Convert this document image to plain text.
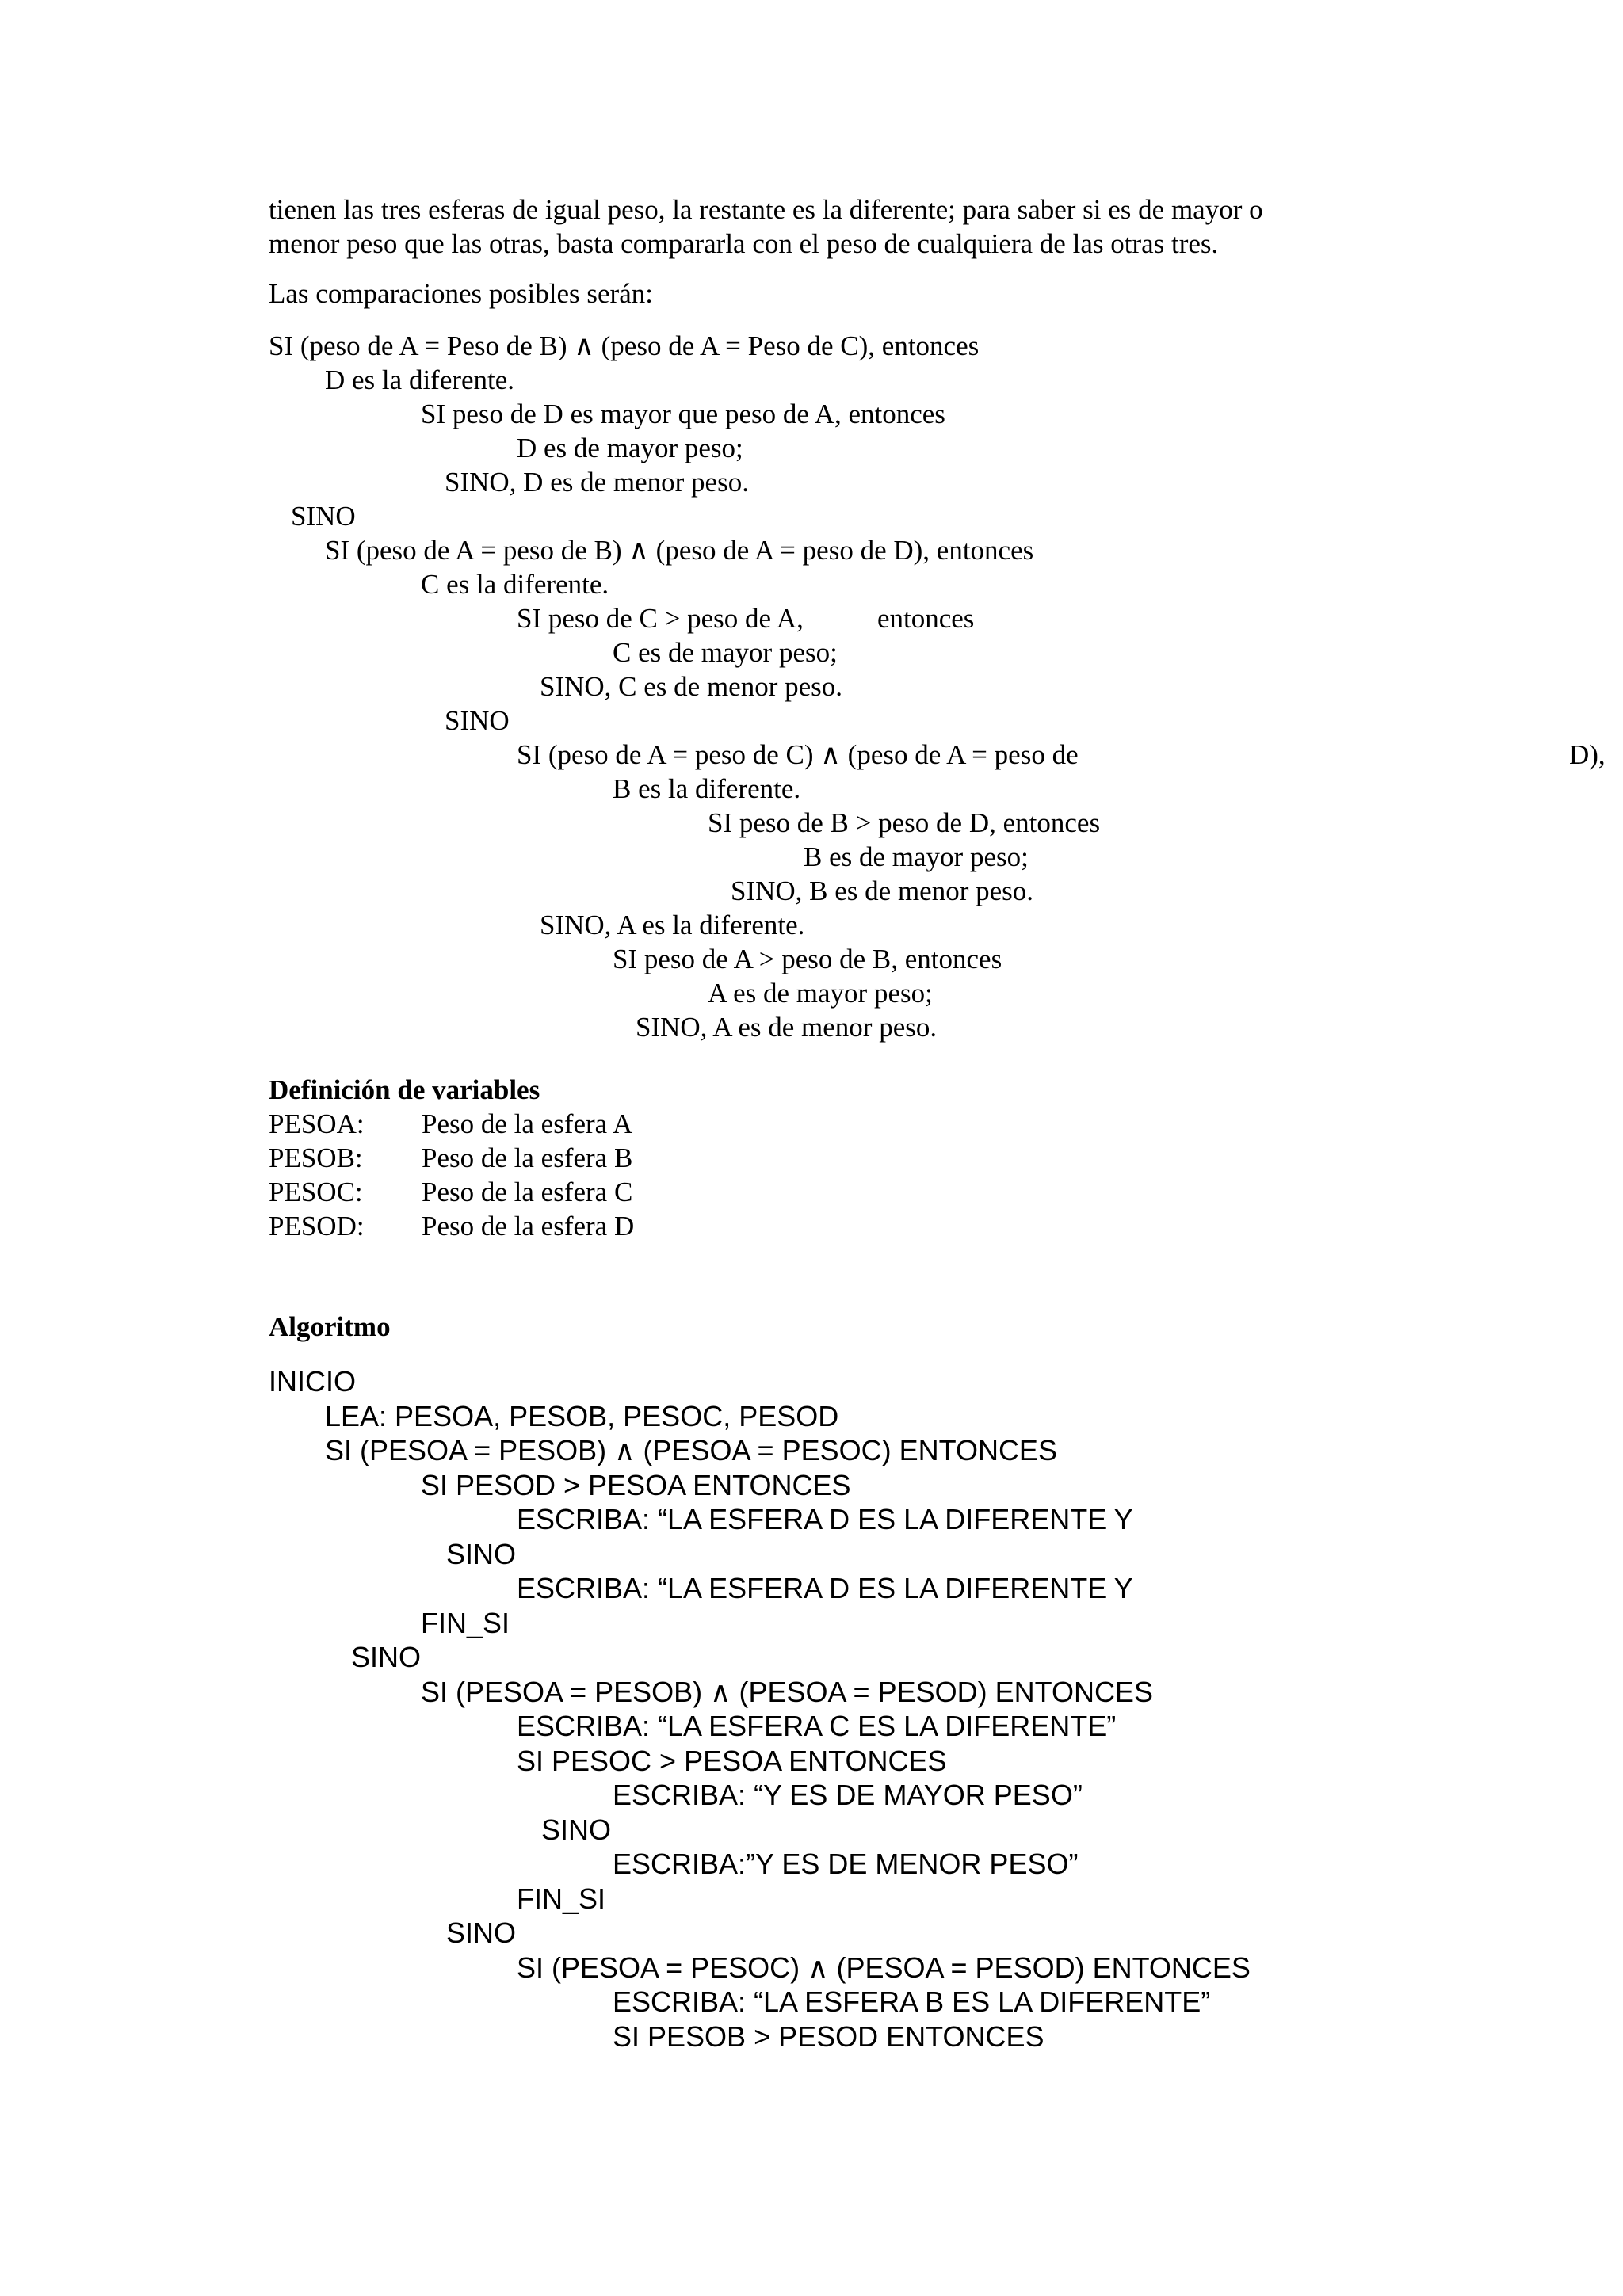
tienen las tres esferas de igual peso, la restante es la diferente; para saber si es de mayor o

menor peso que las otras, basta compararla con el peso de cualquiera de las otras tres.

Las comparaciones posibles serán:

SI (peso de A = Peso de B) ∧ (peso de A = Peso de C), entonces
D es la diferente.
SI peso de D es mayor que peso de A, entonces
D es de mayor peso;
SINO, D es de menor peso.
SINO
SI (peso de A = peso de B) ∧ (peso de A = peso de D), entonces
C es la diferente.
SI peso de C > peso de A,	entonces
C es de mayor peso;
SINO, C es de menor peso.
SINO
SI (peso de A = peso de C) ∧ (peso de A = peso de	D),
B es la diferente.
SI peso de B > peso de D, entonces
B es de mayor peso;
SINO, B es de menor peso.
SINO, A es la diferente.
SI peso de A > peso de B, entonces
A es de mayor peso;
SINO, A es de menor peso.
Definición de variables
PESOA:	Peso de la esfera A
PESOB:	Peso de la esfera B
PESOC:	Peso de la esfera C
PESOD:	Peso de la esfera D
Algoritmo
INICIO
LEA: PESOA, PESOB, PESOC, PESOD
SI (PESOA = PESOB) ∧ (PESOA = PESOC) ENTONCES
SI PESOD > PESOA ENTONCES
ESCRIBA: “LA ESFERA D ES LA DIFERENTE Y
SINO
ESCRIBA: “LA ESFERA D ES LA DIFERENTE Y
FIN_SI
SINO
SI (PESOA = PESOB) ∧ (PESOA = PESOD) ENTONCES
ESCRIBA: “LA ESFERA C ES LA DIFERENTE”
SI PESOC > PESOA ENTONCES
ESCRIBA: “Y ES DE MAYOR PESO”
SINO
ESCRIBA:”Y ES DE MENOR PESO”
FIN_SI
SINO
SI (PESOA = PESOC) ∧ (PESOA = PESOD) ENTONCES
ESCRIBA: “LA ESFERA B ES LA DIFERENTE”
SI PESOB > PESOD ENTONCES
